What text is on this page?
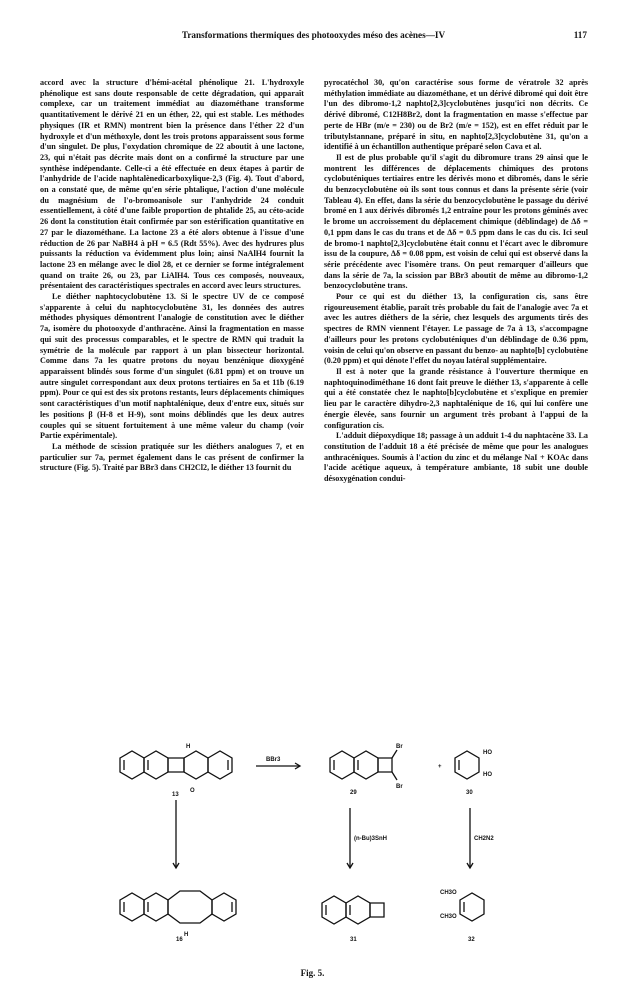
Transformations thermiques des photooxydes méso des acènes—IV	117

accord avec la structure d'hémi-acétal phénolique 21. L'hydroxyle phénolique est sans doute responsable de cette dégradation, qui apparaît complexe, car un traitement immédiat au diazométhane transforme quantitativement le dérivé 21 en un éther, 22, qui est stable. Les méthodes physiques (IR et RMN) montrent bien la présence dans l'éther 22 d'un hydroxyle et d'un méthoxyle, dont les trois protons apparaissent sous forme d'un singulet. De plus, l'oxydation chromique de 22 aboutit à une lactone, 23, qui n'était pas décrite mais dont on a confirmé la structure par une synthèse indépendante. Celle-ci a été effectuée en deux étapes à partir de l'anhydride de l'acide naphtalènedicarboxylique-2,3 (Fig. 4). Tout d'abord, on a constaté que, de même qu'en série phtalique, l'action d'une molécule du magnésium de l'o-bromoanisole sur l'anhydride 24 conduit essentiellement, à côté d'une faible proportion de phtalide 25, au céto-acide 26 dont la constitution était confirmée par son estérification quantitative en 27 par le diazométhane. La lactone 23 a été alors obtenue à l'issue d'une réduction de 26 par NaBH4 à pH = 6.5 (Rdt 55%). Avec des hydrures plus puissants la réduction va évidemment plus loin; ainsi NaAlH4 fournit la lactone 23 en mélange avec le diol 28, et ce dernier se forme intégralement quand on traite 26, ou 23, par LiAlH4. Tous ces composés, nouveaux, présentaient des caractéristiques spectrales en accord avec leurs structures.

Le diéther naphtocyclobutène 13. Si le spectre UV de ce composé s'apparente à celui du naphtocyclobutène 31, les données des autres méthodes physiques démontrent l'analogie de constitution avec le diéther 7a, isomère du photooxyde d'anthracène. Ainsi la fragmentation en masse qui suit des processus comparables, et le spectre de RMN qui traduit la symétrie de la molécule par rapport à un plan bissecteur horizontal. Comme dans 7a les quatre protons du noyau benzénique dioxygéné apparaissent blindés sous forme d'un singulet (6.81 ppm) et on trouve un autre singulet correspondant aux deux protons tertiaires en 5a et 11b (6.19 ppm). Pour ce qui est des six protons restants, leurs déplacements chimiques sont caractéristiques d'un motif naphtalénique, deux d'entre eux, situés sur les positions β (H-8 et H-9), sont moins déblindés que les deux autres couples qui se situent fortuitement à une même valeur du champ (voir Partie expérimentale).

La méthode de scission pratiquée sur les diéthers analogues 7, et en particulier sur 7a, permet également dans le cas présent de confirmer la structure (Fig. 5). Traité par BBr3 dans CH2Cl2, le diéther 13 fournit du

pyrocatéchol 30, qu'on caractérise sous forme de vératrole 32 après méthylation immédiate au diazométhane, et un dérivé dibromé qui doit être l'un des dibromo-1,2 naphto[2,3]cyclobutènes jusqu'ici non décrits. Ce dérivé dibromé, C12H8Br2, dont la fragmentation en masse s'effectue par perte de HBr (m/e = 230) ou de Br2 (m/e = 152), est en effet réduit par le tributylstannane, préparé in situ, en naphto[2,3]cyclobutène 31, qu'on a identifié à un échantillon authentique préparé selon Cava et al.

Il est de plus probable qu'il s'agit du dibromure trans 29 ainsi que le montrent les différences de déplacements chimiques des protons cyclobuténiques tertiaires entre les dérivés mono et dibromés, dans le série du benzocyclobutène où ils sont tous connus et dans la présente série (voir Tableau 4). En effet, dans la série du benzocyclobutène le passage du dérivé bromé en 1 aux dérivés dibromés 1,2 entraîne pour les protons géminés avec le brome un accroissement du déplacement chimique (déblindage) de Δδ = 0,1 ppm dans le cas du trans et de Δδ = 0.5 ppm dans le cas du cis. Ici seul de bromo-1 naphto[2,3]cyclobutène était connu et l'écart avec le dibromure issu de la coupure, Δδ = 0.08 ppm, est voisin de celui qui est observé dans la série précédente avec l'isomère trans. On peut remarquer d'ailleurs que dans la série de 7a, la scission par BBr3 aboutit de même au dibromo-1,2 benzocyclobutène trans.

Pour ce qui est du diéther 13, la configuration cis, sans être rigoureusement établie, paraît très probable du fait de l'analogie avec 7a et avec les autres diéthers de la série, chez lesquels des arguments tirés des spectres de RMN viennent l'étayer. Le passage de 7a à 13, s'accompagne d'ailleurs pour les protons cyclobuténiques d'un déblindage de 0.36 ppm, voisin de celui qu'on observe en passant du benzo- au naphto[b] cyclobutène (0.20 ppm) et qui dénote l'effet du noyau latéral supplémentaire.

Il est à noter que la grande résistance à l'ouverture thermique en naphtoquinodiméthane 16 dont fait preuve le diéther 13, s'apparente à celle qui a été constatée chez le naphto[b]cyclobutène et s'explique en premier lieu par le caractère dihydro-2,3 naphtalénique de 16, qui lui confère une énergie élevée, sans fournir un argument très probant à l'appui de la configuration cis.

L'adduit diépoxydique 18; passage à un adduit 1-4 du naphtacène 33. La constitution de l'adduit 18 a été précisée de même que pour les analogues anthracéniques. Soumis à l'action du zinc et du mélange NaI + KOAc dans l'acide acétique aqueux, à température ambiante, 18 subit une double désoxygénation condui-

13
16
29	30
31	32
BBr3
(n-Bu)3SnH	CH2N2
Br
Br
H
O
H
HO
HO
+
CH3O
CH3O
Fig. 5.
